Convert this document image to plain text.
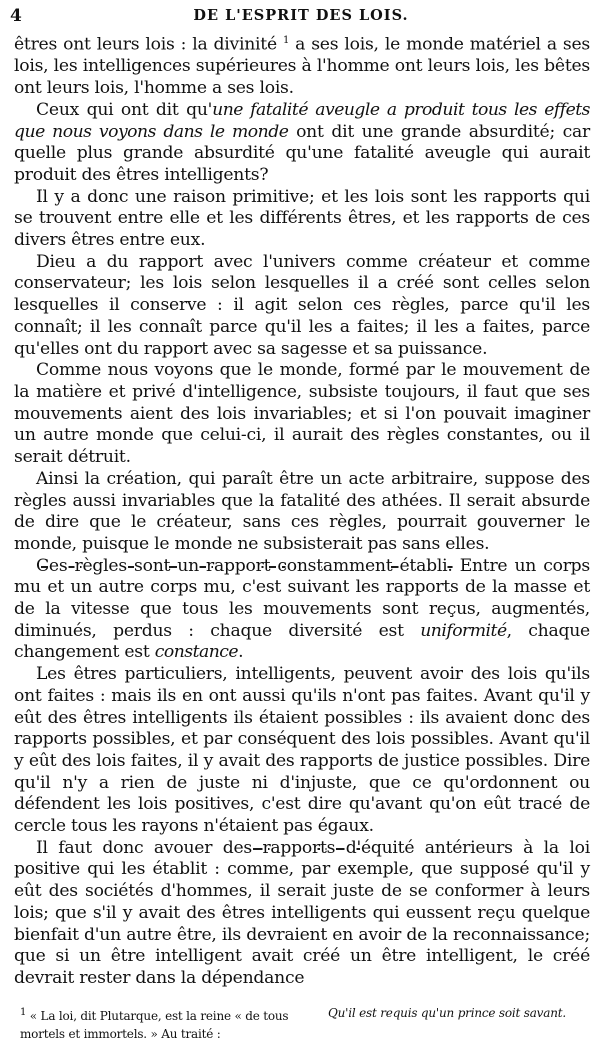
4	DE L'ESPRIT DES LOIS.

êtres ont leurs lois : la divinité $^1$ a ses lois, le monde matériel a ses lois, les intelligences supérieures à l'homme ont leurs lois, les bêtes ont leurs lois, l'homme a ses lois.

Ceux qui ont dit qu'une fatalité aveugle a produit tous les effets que nous voyons dans le monde ont dit une grande absurdité; car quelle plus grande absurdité qu'une fatalité aveugle qui aurait produit des êtres intelligents?

Il y a donc une raison primitive; et les lois sont les rapports qui se trouvent entre elle et les différents êtres, et les rapports de ces divers êtres entre eux.

Dieu a du rapport avec l'univers comme créateur et comme conservateur; les lois selon lesquelles il a créé sont celles selon lesquelles il conserve : il agit selon ces règles, parce qu'il les connaît; il les connaît parce qu'il les a faites; il les a faites, parce qu'elles ont du rapport avec sa sagesse et sa puissance.

Comme nous voyons que le monde, formé par le mouvement de la matière et privé d'intelligence, subsiste toujours, il faut que ses mouvements aient des lois invariables; et si l'on pouvait imaginer un autre monde que celui-ci, il aurait des règles constantes, ou il serait détruit.

Ainsi la création, qui paraît être un acte arbitraire, suppose des règles aussi invariables que la fatalité des athées. Il serait absurde de dire que le créateur, sans ces règles, pourrait gouverner le monde, puisque le monde ne subsisterait pas sans elles.

Ces règles sont un rapport constamment établi. Entre un corps mu et un autre corps mu, c'est suivant les rapports de la masse et de la vitesse que tous les mouvements sont reçus, augmentés, diminués, perdus : chaque diversité est uniformité, chaque changement est constance.

Les êtres particuliers, intelligents, peuvent avoir des lois qu'ils ont faites : mais ils en ont aussi qu'ils n'ont pas faites. Avant qu'il y eût des êtres intelligents ils étaient possibles : ils avaient donc des rapports possibles, et par conséquent des lois possibles. Avant qu'il y eût des lois faites, il y avait des rapports de justice possibles. Dire qu'il n'y a rien de juste ni d'injuste, que ce qu'ordonnent ou défendent les lois positives, c'est dire qu'avant qu'on eût tracé de cercle tous les rayons n'étaient pas égaux.

Il faut donc avouer des rapports d'équité antérieurs à la loi positive qui les établit : comme, par exemple, que supposé qu'il y eût des sociétés d'hommes, il serait juste de se conformer à leurs lois; que s'il y avait des êtres intelligents qui eussent reçu quelque bienfait d'un autre être, ils devraient en avoir de la reconnaissance; que si un être intelligent avait créé un être intelligent, le créé devrait rester dans la dépendance

$^1$ « La loi, dit Plutarque, est la reine « de tous mortels et immortels. » Au traité :
Qu'il est requis qu'un prince soit savant.
